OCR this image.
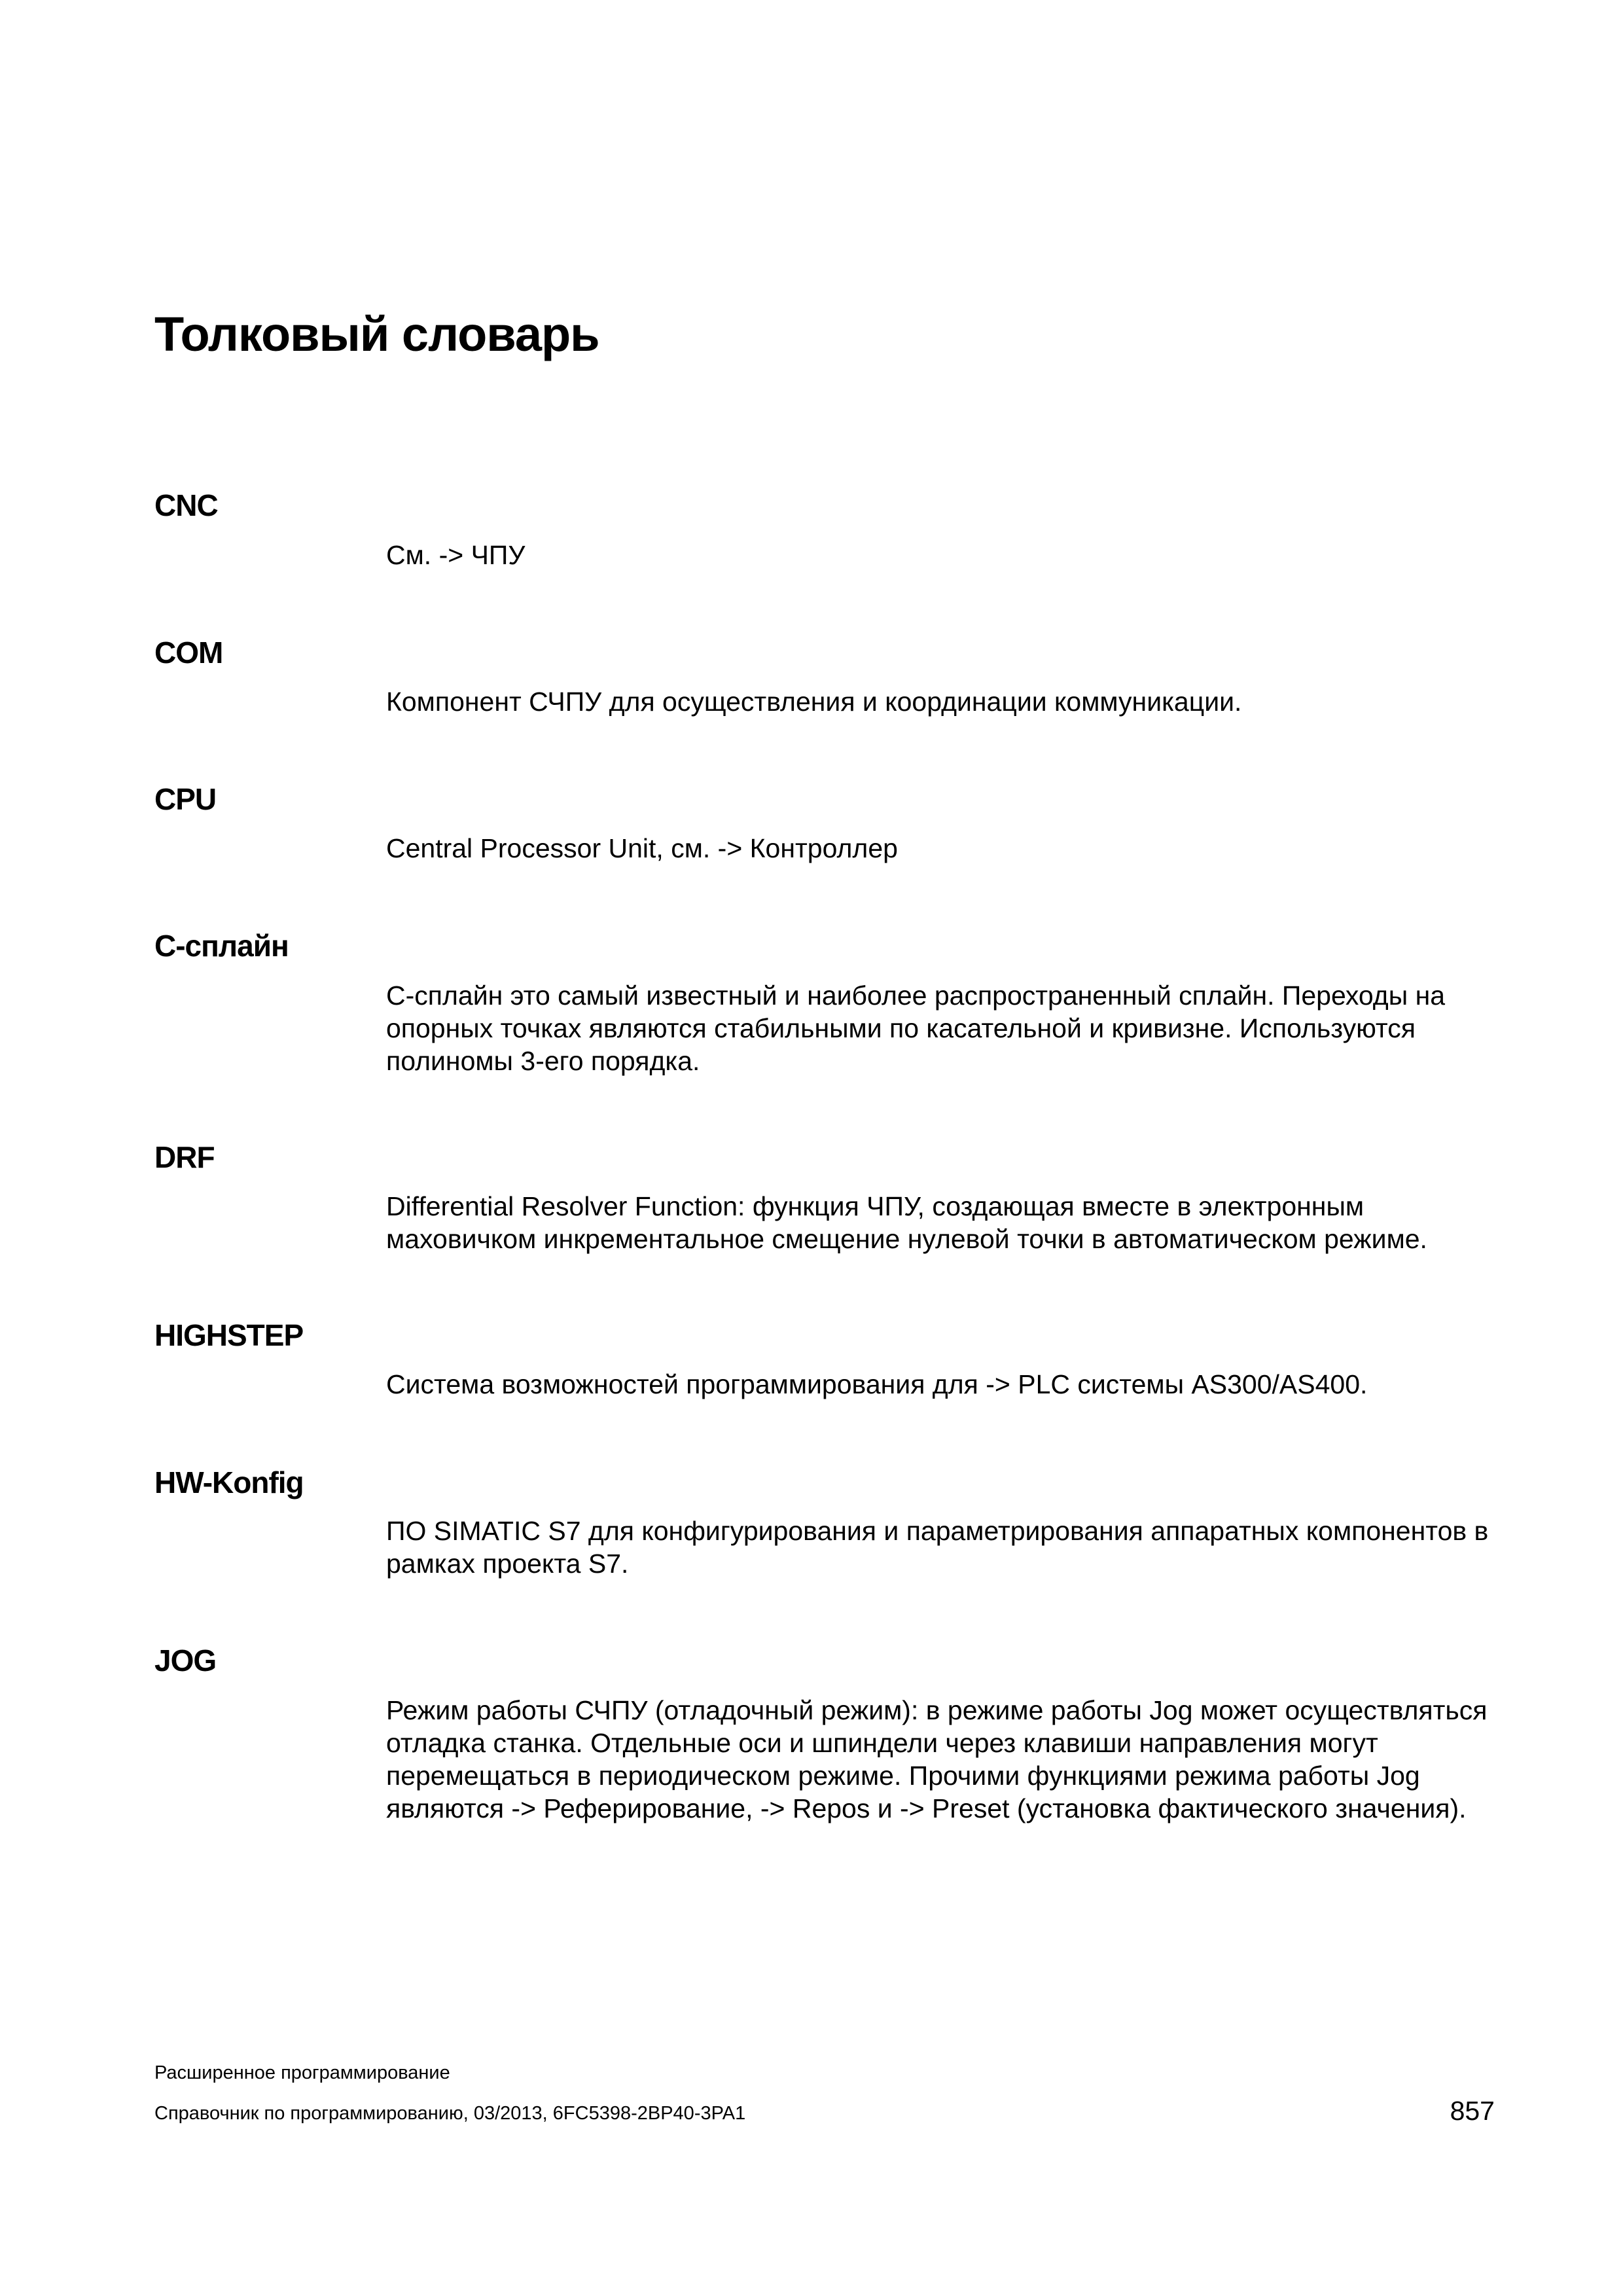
Толковый словарь
CNC
См. -> ЧПУ
COM
Компонент СЧПУ для осуществления и координации коммуникации.
CPU
Central Processor Unit, см. -> Контроллер
C-сплайн
C-сплайн это самый известный и наиболее распространенный сплайн. Переходы на опорных точках являются стабильными по касательной и кривизне. Используются полиномы 3-его порядка.
DRF
Differential Resolver Function: функция ЧПУ, создающая вместе в электронным маховичком инкрементальное смещение нулевой точки в автоматическом режиме.
HIGHSTEP
Система возможностей программирования для -> PLC системы AS300/AS400.
HW-Konfig
ПО SIMATIC S7 для конфигурирования и параметрирования аппаратных компонентов в рамках проекта S7.
JOG
Режим работы СЧПУ (отладочный режим): в режиме работы Jog может осуществляться отладка станка. Отдельные оси и шпиндели через клавиши направления могут перемещаться в периодическом режиме. Прочими функциями режима работы Jog являются -> Реферирование, -> Repos и -> Preset (установка фактического значения).
Расширенное программирование
Справочник по программированию, 03/2013, 6FC5398-2BP40-3PA1	857
